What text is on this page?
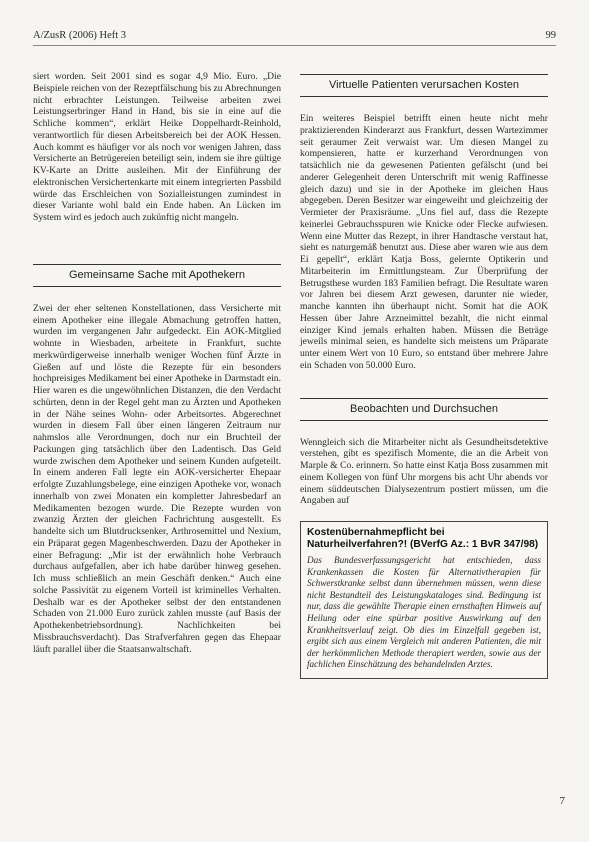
A/ZusR (2006) Heft 3	99

siert worden. Seit 2001 sind es sogar 4,9 Mio. Euro. „Die Beispiele reichen von der Rezeptfälschung bis zu Abrechnungen nicht erbrachter Leistungen. Teilweise arbeiten zwei Leistungserbringer Hand in Hand, bis sie in eine auf die Schliche kommen“, erklärt Heike Doppelhardt-Reinhold, verantwortlich für diesen Arbeitsbereich bei der AOK Hessen. Auch kommt es häufiger vor als noch vor wenigen Jahren, dass Versicherte an Betrügereien beteiligt sein, indem sie ihre gültige KV-Karte an Dritte ausleihen. Mit der Einführung der elektronischen Versichertenkarte mit einem integrierten Passbild würde das Erschleichen von Sozialleistungen zumindest in dieser Variante wohl bald ein Ende haben. An Lücken im System wird es jedoch auch zukünftig nicht mangeln.

Gemeinsame Sache mit Apothekern

Zwei der eher seltenen Konstellationen, dass Versicherte mit einem Apotheker eine illegale Abmachung getroffen hatten, wurden im vergangenen Jahr aufgedeckt. Ein AOK-Mitglied wohnte in Wiesbaden, arbeitete in Frankfurt, suchte merkwürdigerweise innerhalb weniger Wochen fünf Ärzte in Gießen auf und löste die Rezepte für ein besonders hochpreisiges Medikament bei einer Apotheke in Darmstadt ein. Hier waren es die ungewöhnlichen Distanzen, die den Verdacht schürten, denn in der Regel geht man zu Ärzten und Apotheken in der Nähe seines Wohn- oder Arbeitsortes. Abgerechnet wurden in diesem Fall über einen längeren Zeitraum nur nahmslos alle Verordnungen, doch nur ein Bruchteil der Packungen ging tatsächlich über den Ladentisch. Das Geld wurde zwischen dem Apotheker und seinem Kunden aufgeteilt. In einem anderen Fall legte ein AOK-versicherter Ehepaar erfolgte Zuzahlungsbelege, eine einzigen Apotheke vor, wonach innerhalb von zwei Monaten ein kompletter Jahresbedarf an Medikamenten bezogen wurde. Die Rezepte wurden von zwanzig Ärzten der gleichen Fachrichtung ausgestellt. Es handelte sich um Blutdrucksenker, Arthrosemittel und Nexium, ein Präparat gegen Magenbeschwerden. Dazu der Apotheker in einer Befragung: „Mir ist der erwähnlich hohe Verbrauch durchaus aufgefallen, aber ich habe darüber hinweg gesehen. Ich muss schließlich an mein Geschäft denken.“ Auch eine solche Passivität zu eigenem Vorteil ist kriminelles Verhalten. Deshalb war es der Apotheker selbst der den entstandenen Schaden von 21.000 Euro zurück zahlen musste (auf Basis der Apothekenbetriebsordnung). Nachlichkeiten bei Missbrauchsverdacht). Das Strafverfahren gegen das Ehepaar läuft parallel über die Staatsanwaltschaft.

Virtuelle Patienten verursachen Kosten

Ein weiteres Beispiel betrifft einen heute nicht mehr praktizierenden Kinderarzt aus Frankfurt, dessen Wartezimmer seit geraumer Zeit verwaist war. Um diesen Mangel zu kompensieren, hatte er kurzerhand Verordnungen von tatsächlich nie da gewesenen Patienten gefälscht (und bei anderer Gelegenheit deren Unterschrift mit wenig Raffinesse gleich dazu) und sie in der Apotheke im gleichen Haus abgegeben. Deren Besitzer war eingeweiht und gleichzeitig der Vermieter der Praxisräume. „Uns fiel auf, dass die Rezepte keinerlei Gebrauchsspuren wie Knicke oder Flecke aufwiesen. Wenn eine Mutter das Rezept, in ihrer Handtasche verstaut hat, sieht es naturgemäß benutzt aus. Diese aber waren wie aus dem Ei gepellt“, erklärt Katja Boss, gelernte Optikerin und Mitarbeiterin im Ermittlungsteam. Zur Überprüfung der Betrugsthese wurden 183 Familien befragt. Die Resultate waren vor Jahren bei diesem Arzt gewesen, darunter nie wieder, manche kannten ihn überhaupt nicht. Somit hat die AOK Hessen über Jahre Arzneimittel bezahlt, die nicht einmal einziger Kind jemals erhalten haben. Müssen die Beträge jeweils minimal seien, es handelte sich meistens um Präparate unter einem Wert von 10 Euro, so entstand über mehrere Jahre ein Schaden von 50.000 Euro.

Beobachten und Durchsuchen

Wenngleich sich die Mitarbeiter nicht als Gesundheitsdetektive verstehen, gibt es spezifisch Momente, die an die Arbeit von Marple & Co. erinnern. So hatte einst Katja Boss zusammen mit einem Kollegen von fünf Uhr morgens bis acht Uhr abends vor einem süddeutschen Dialysezentrum postiert müssen, um die Angaben auf

Kostenübernahmepflicht bei Naturheilverfahren?! (BVerfG Az.: 1 BvR 347/98)

Das Bundesverfassungsgericht hat entschieden, dass Krankenkassen die Kosten für Alternativtherapien für Schwerstkranke selbst dann übernehmen müssen, wenn diese nicht Bestandteil des Leistungskataloges sind. Bedingung ist nur, dass die gewählte Therapie einen ernsthaften Hinweis auf Heilung oder eine spürbar positive Auswirkung auf den Krankheitsverlauf zeigt. Ob dies im Einzelfall gegeben ist, ergibt sich aus einem Vergleich mit anderen Patienten, die mit der herkömmlichen Methode therapiert werden, sowie aus der fachlichen Einschätzung des behandelnden Arztes.

7
